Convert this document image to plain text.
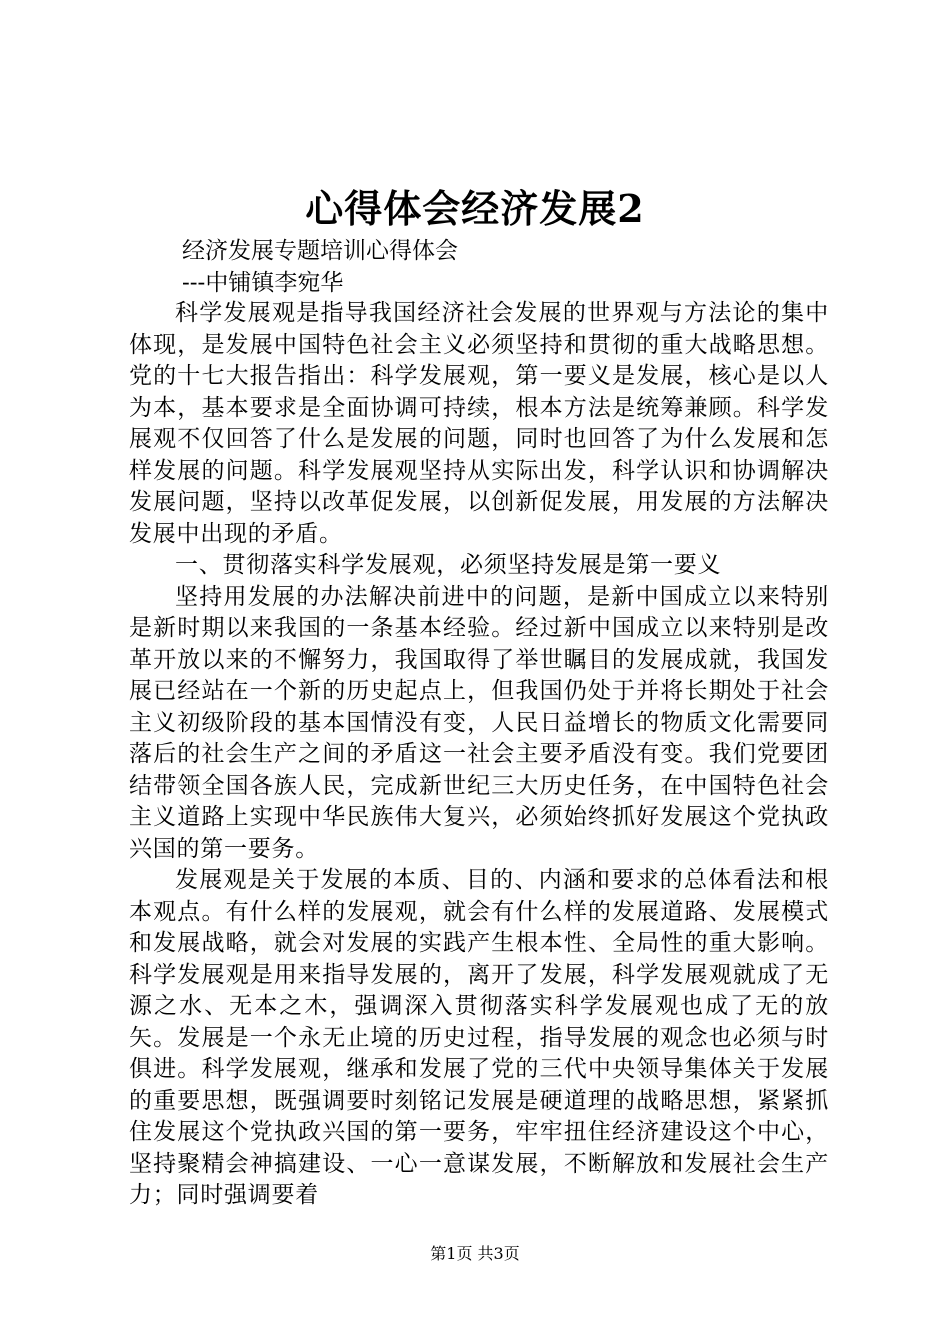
心得体会经济发展2
经济发展专题培训心得体会
---中铺镇李宛华

科学发展观是指导我国经济社会发展的世界观与方法论的集中体现，是发展中国特色社会主义必须坚持和贯彻的重大战略思想。党的十七大报告指出：科学发展观，第一要义是发展，核心是以人为本，基本要求是全面协调可持续，根本方法是统筹兼顾。科学发展观不仅回答了什么是发展的问题，同时也回答了为什么发展和怎样发展的问题。科学发展观坚持从实际出发，科学认识和协调解决发展问题，坚持以改革促发展，以创新促发展，用发展的方法解决发展中出现的矛盾。

一、贯彻落实科学发展观，必须坚持发展是第一要义

坚持用发展的办法解决前进中的问题，是新中国成立以来特别是新时期以来我国的一条基本经验。经过新中国成立以来特别是改革开放以来的不懈努力，我国取得了举世瞩目的发展成就，我国发展已经站在一个新的历史起点上，但我国仍处于并将长期处于社会主义初级阶段的基本国情没有变，人民日益增长的物质文化需要同落后的社会生产之间的矛盾这一社会主要矛盾没有变。我们党要团结带领全国各族人民，完成新世纪三大历史任务，在中国特色社会主义道路上实现中华民族伟大复兴，必须始终抓好发展这个党执政兴国的第一要务。

发展观是关于发展的本质、目的、内涵和要求的总体看法和根本观点。有什么样的发展观，就会有什么样的发展道路、发展模式和发展战略，就会对发展的实践产生根本性、全局性的重大影响。科学发展观是用来指导发展的，离开了发展，科学发展观就成了无源之水、无本之木，强调深入贯彻落实科学发展观也成了无的放矢。发展是一个永无止境的历史过程，指导发展的观念也必须与时俱进。科学发展观，继承和发展了党的三代中央领导集体关于发展的重要思想，既强调要时刻铭记发展是硬道理的战略思想，紧紧抓住发展这个党执政兴国的第一要务，牢牢扭住经济建设这个中心，坚持聚精会神搞建设、一心一意谋发展，不断解放和发展社会生产力；同时强调要着

第1页 共3页
